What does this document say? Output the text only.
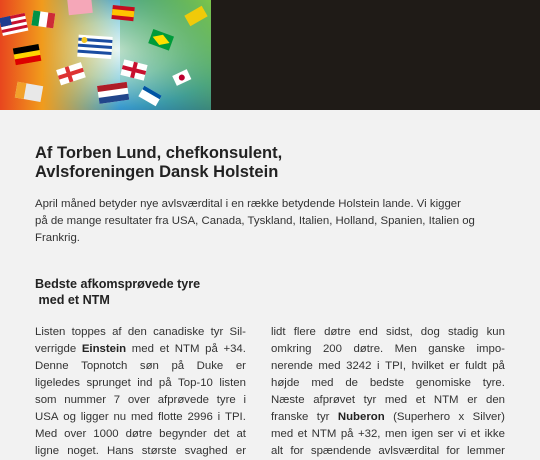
Af Torben Lund, chefkonsulent,
Avlsforeningen Dansk Holstein
April måned betyder nye avlsværdital i en række betydende Holstein lande. Vi kigger
på de mange resultater fra USA, Canada, Tyskland, Italien, Holland, Spanien, Italien og
Frankrig.
Bedste afkomsprøvede tyre
med et NTM
Listen toppes af den canadiske tyr Sil-
verrigde Einstein med et NTM på +34.
Denne Topnotch søn på Duke er
ligeledes sprunget ind på Top-10 listen
som nummer 7 over afprøvede tyre i
USA og ligger nu med flotte 2996 i TPI.
Med over 1000 døtre begynder det at
ligne noget. Hans største svaghed er
lidt flere døtre end sidst, dog stadig kun
omkring 200 døtre. Men ganske impo-
nerende med 3242 i TPI, hvilket er fuldt på
højde med de bedste genomiske tyre.
Næste afprøvet tyr med et NTM er den
franske tyr Nuberon (Superhero x Silver)
med et NTM på +32, men igen ser vi et ikke
alt for spændende avlsværdital for lemmer
